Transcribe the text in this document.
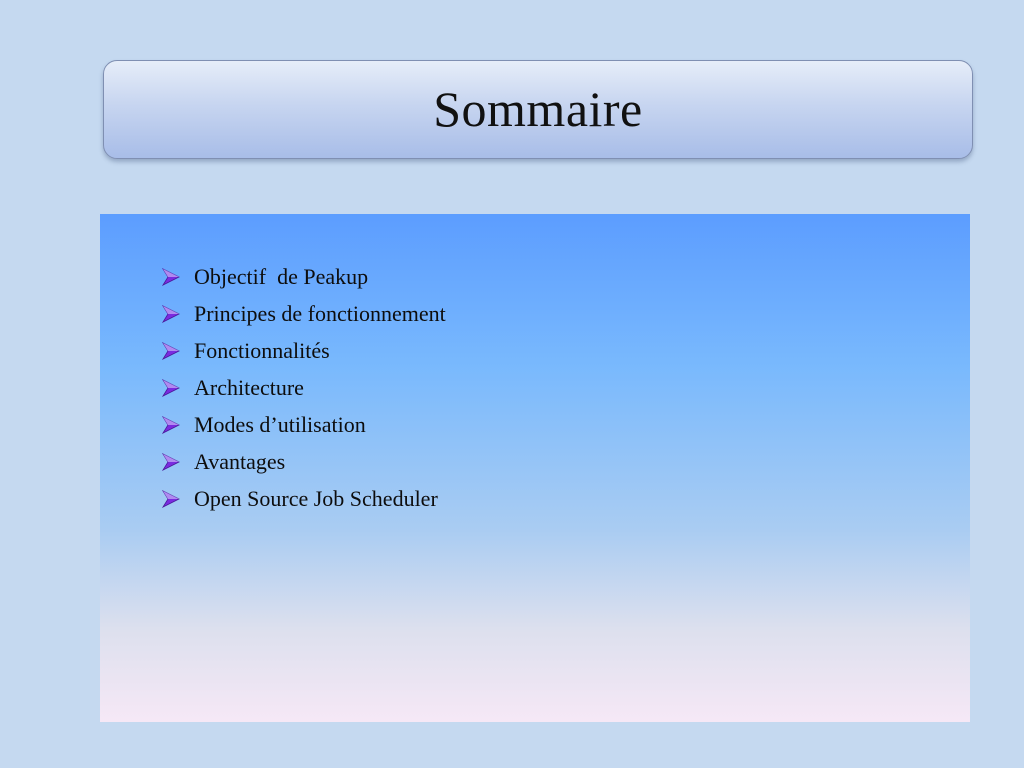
Sommaire
Objectif  de Peakup
Principes de fonctionnement
Fonctionnalités
Architecture
Modes d’utilisation
Avantages
Open Source Job Scheduler
